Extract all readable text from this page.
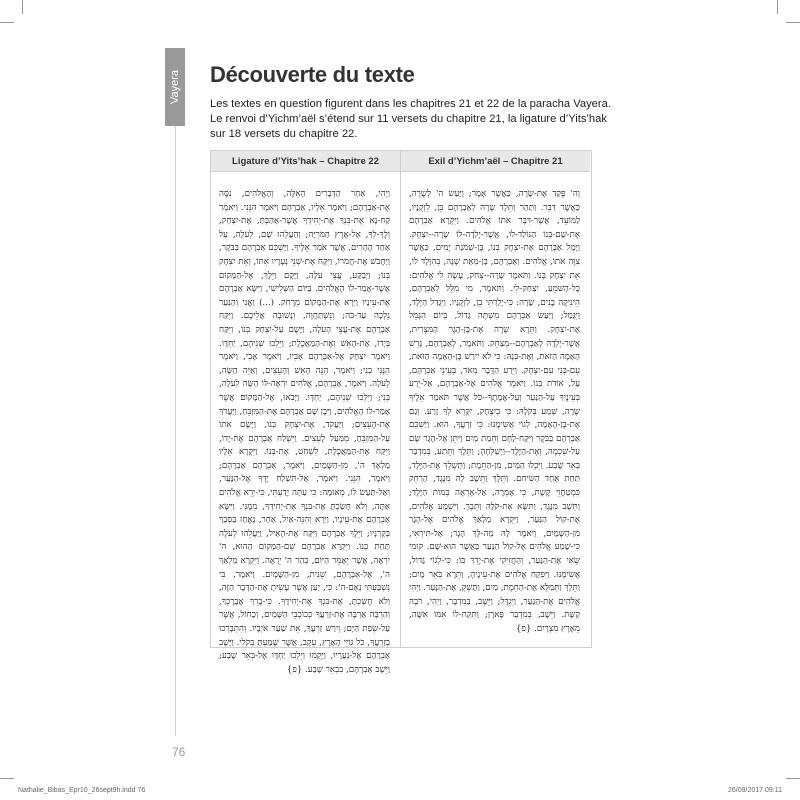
Vayera Découverte du texte
Les textes en question figurent dans les chapitres 21 et 22 de la paracha Vayera.
Le renvoi d’Yichm’aël s’étend sur 11 versets du chapitre 21, la ligature d’Yits’hak
sur 18 versets du chapitre 22.
Ligature d’Yits’hak – Chapitre 22
וַיְהִי, אַחַר הַדְּבָרִים הָאֵלֶּה, וְהָאֱלֹהִים, נִסָּה אֶת-אַבְרָהָם; וַיֹּאמֶר אֵלָיו, אַבְרָהָם וַיֹּאמֶר הִנֵּנִי. וַיֹּאמֶר קַח-נָא אֶת-בִּנְךָ אֶת-יְחִידְךָ אֲשֶׁר-אָהַבְתָּ, אֶת-יִצְחָק, וְלֶךְ-לְךָ, אֶל-אֶרֶץ הַמֹּרִיָּה; וְהַעֲלֵהוּ שָׁם, לְעֹלָה, עַל אַחַד הֶהָרִים, אֲשֶׁר אֹמַר אֵלֶיךָ. וַיַּשְׁכֵּם אַבְרָהָם בַּבֹּקֶר, וַיַּחֲבֹשׁ אֶת-חֲמֹרוֹ, וַיִּקַּח אֶת-שְׁנֵי נְעָרָיו אִתּוֹ, וְאֵת יִצְחָק בְּנוֹ; וַיְבַקַּע, עֲצֵי עֹלָה, וַיָּקָם וַיֵּלֶךְ, אֶל-הַמָּקוֹם אֲשֶׁר-אָמַר-לוֹ הָאֱלֹהִים. בַּיּוֹם הַשְּׁלִישִׁי, וַיִּשָּׂא אַבְרָהָם אֶת-עֵינָיו וַיַּרְא אֶת-הַמָּקוֹם מֵרָחֹק. (...) וַאֲנִי וְהַנַּעַר נֵלְכָה עַד-כֹּה; וְנִשְׁתַּחֲוֶה, וְנָשׁוּבָה אֲלֵיכֶם. וַיִּקַּח אַבְרָהָם אֶת-עֲצֵי הָעֹלָה, וַיָּשֶׂם עַל-יִצְחָק בְּנוֹ, וַיִּקַּח בְּיָדוֹ, אֶת-הָאֵשׁ וְאֶת-הַמַּאֲכֶלֶת; וַיֵּלְכוּ שְׁנֵיהֶם, יַחְדָּו. וַיֹּאמֶר יִצְחָק אֶל-אַבְרָהָם אָבִיו, וַיֹּאמֶר אָבִי, וַיֹּאמֶר הִנֶּנִּי בְנִי; וַיֹּאמֶר, הִנֵּה הָאֵשׁ וְהָעֵצִים, וְאַיֵּה הַשֶּׂה, לְעֹלָה. וַיֹּאמֶר, אַבְרָהָם, אֱלֹהִים יִרְאֶה-לּוֹ הַשֶּׂה לְעֹלָה, בְּנִי; וַיֵּלְכוּ שְׁנֵיהֶם, יַחְדָּו. וַיָּבֹאוּ, אֶל-הַמָּקוֹם אֲשֶׁר אָמַר-לוֹ הָאֱלֹהִים, וַיִּבֶן שָׁם אַבְרָהָם אֶת-הַמִּזְבֵּחַ, וַיַּעֲרֹךְ אֶת-הָעֵצִים; וַיַּעֲקֹד, אֶת-יִצְחָק בְּנוֹ, וַיָּשֶׂם אֹתוֹ עַל-הַמִּזְבֵּחַ, מִמַּעַל לָעֵצִים. וַיִּשְׁלַח אַבְרָהָם אֶת-יָדוֹ, וַיִּקַּח אֶת-הַמַּאֲכֶלֶת, לִשְׁחֹט, אֶת-בְּנוֹ. וַיִּקְרָא אֵלָיו מַלְאַךְ ה', מִן-הַשָּׁמַיִם, וַיֹּאמֶר, אַבְרָהָם אַבְרָהָם; וַיֹּאמֶר, הִנֵּנִי. וַיֹּאמֶר, אַל-תִּשְׁלַח יָדְךָ אֶל-הַנַּעַר, וְאַל-תַּעַשׂ לוֹ, מְאוּמָה: כִּי עַתָּה יָדַעְתִּי, כִּי-יְרֵא אֱלֹהִים אַתָּה, וְלֹא חָשַׂכְתָּ אֶת-בִּנְךָ אֶת-יְחִידְךָ, מִמֶּנִּי. וַיִּשָּׂא אַבְרָהָם אֶת-עֵינָיו, וַיַּרְא וְהִנֵּה-אַיִל, אַחַר, נֶאֱחַז בַּסְּבַךְ בְּקַרְנָיו; וַיֵּלֶךְ אַבְרָהָם וַיִּקַּח אֶת-הָאַיִל, וַיַּעֲלֵהוּ לְעֹלָה תַּחַת בְּנוֹ. וַיִּקְרָא אַבְרָהָם שֵׁם-הַמָּקוֹם הַהוּא, ה' יִרְאֶה, אֲשֶׁר יֵאָמֵר הַיּוֹם, בְּהַר ה' יֵרָאֶה. וַיִּקְרָא מַלְאַךְ ה', אֶל-אַבְרָהָם, שֵׁנִית, מִן-הַשָּׁמָיִם. וַיֹּאמֶר, בִּי נִשְׁבַּעְתִּי נְאֻם-ה': כִּי, יַעַן אֲשֶׁר עָשִׂיתָ אֶת-הַדָּבָר הַזֶּה, וְלֹא חָשַׂכְתָּ, אֶת-בִּנְךָ אֶת-יְחִידֶךָ. כִּי-בָרֵךְ אֲבָרֶכְךָ, וְהַרְבָּה אַרְבֶּה אֶת-זַרְעֲךָ כְּכוֹכְבֵי הַשָּׁמַיִם, וְכַחוֹל, אֲשֶׁר עַל-שְׂפַת הַיָּם; וְיִרַשׁ זַרְעֲךָ, אֵת שַׁעַר אֹיְבָיו. וְהִתְבָּרְכוּ בְזַרְעֲךָ, כֹּל גּוֹיֵי הָאָרֶץ, עֵקֶב, אֲשֶׁר שָׁמַעְתָּ בְּקֹלִי. וַיָּשָׁב אַבְרָהָם אֶל-נְעָרָיו, וַיָּקֻמוּ וַיֵּלְכוּ יַחְדָּו אֶל-בְּאֵר שָׁבַע; וַיֵּשֶׁב אַבְרָהָם, בִּבְאֵר שָׁבַע. {פ}
Exil d’Yichm’aël – Chapitre 21
וַה' פָּקַד אֶת-שָׂרָה, כַּאֲשֶׁר אָמָר; וַיַּעַשׂ ה' לְשָׂרָה, כַּאֲשֶׁר דִּבֵּר. וַתַּהַר וַתֵּלֶד שָׂרָה לְאַבְרָהָם בֵּן, לִזְקֻנָיו, לַמּוֹעֵד, אֲשֶׁר-דִּבֶּר אֹתוֹ אֱלֹהִים. וַיִּקְרָא אַבְרָהָם אֶת-שֶׁם-בְּנוֹ הַנּוֹלַד-לוֹ, אֲשֶׁר-יָלְדָה-לּוֹ שָׂרָה--יִצְחָק. וַיָּמָל אַבְרָהָם אֶת-יִצְחָק בְּנוֹ, בֶּן-שְׁמֹנַת יָמִים, כַּאֲשֶׁר צִוָּה אֹתוֹ, אֱלֹהִים. וְאַבְרָהָם, בֶּן-מְאַת שָׁנָה, בְּהִוָּלֶד לוֹ, אֵת יִצְחָק בְּנוֹ. וַתֹּאמֶר שָׂרָה--צְחֹק, עָשָׂה לִי אֱלֹהִים: כָּל-הַשֹּׁמֵעַ, יִצְחַק-לִי. וַתֹּאמֶר, מִי מִלֵּל לְאַבְרָהָם, הֵינִיקָה בָנִים, שָׂרָה: כִּי-יָלַדְתִּי בֵן, לִזְקֻנָיו. וַיִּגְדַּל הַיֶּלֶד, וַיִּגָּמַל; וַיַּעַשׂ אַבְרָהָם מִשְׁתֶּה גָדוֹל, בְּיוֹם הִגָּמֵל אֶת-יִצְחָק. וַתֵּרֶא שָׂרָה אֶת-בֶּן-הָגָר הַמִּצְרִית, אֲשֶׁר-יָלְדָה לְאַבְרָהָם--מְצַחֵק. וַתֹּאמֶר, לְאַבְרָהָם, גָּרֵשׁ הָאָמָה הַזֹּאת, וְאֶת-בְּנָהּ: כִּי לֹא יִירַשׁ בֶּן-הָאָמָה הַזֹּאת, עִם-בְּנִי עִם-יִצְחָק. וַיֵּרַע הַדָּבָר מְאֹד, בְּעֵינֵי אַבְרָהָם, עַל, אוֹדֹת בְּנוֹ. וַיֹּאמֶר אֱלֹהִים אֶל-אַבְרָהָם, אַל-יֵרַע בְּעֵינֶיךָ עַל-הַנַּעַר וְעַל-אֲמָתֶךָ--כֹּל אֲשֶׁר תֹּאמַר אֵלֶיךָ שָׂרָה, שְׁמַע בְּקֹלָהּ: כִּי בְיִצְחָק, יִקָּרֵא לְךָ זָרַע. וְגַם אֶת-בֶּן-הָאָמָה, לְגוֹי אֲשִׂימֶנּוּ: כִּי זַרְעֲךָ, הוּא. וַיַּשְׁכֵּם אַבְרָהָם בַּבֹּקֶר וַיִּקַּח-לֶחֶם וְחֵמַת מַיִם וַיִּתֵּן אֶל-הָגָר שָׂם עַל-שִׁכְמָהּ, וְאֶת-הַיֶּלֶד--וַיְשַׁלְּחֶהָ; וַתֵּלֶךְ וַתֵּתַע, בְּמִדְבַּר בְּאֵר שָׁבַע. וַיִּכְלוּ הַמַּיִם, מִן-הַחֵמֶת; וַתַּשְׁלֵךְ אֶת-הַיֶּלֶד, תַּחַת אַחַד הַשִּׂיחִם. וַתֵּלֶךְ וַתֵּשֶׁב לָהּ מִנֶּגֶד, הַרְחֵק כִּמְטַחֲוֵי קֶשֶׁת, כִּי אָמְרָה, אַל-אֶרְאֶה בְּמוֹת הַיָּלֶד; וַתֵּשֶׁב מִנֶּגֶד, וַתִּשָּׂא אֶת-קֹלָהּ וַתֵּבְךְּ. וַיִּשְׁמַע אֱלֹהִים, אֶת-קוֹל הַנַּעַר, וַיִּקְרָא מַלְאַךְ אֱלֹהִים אֶל-הָגָר מִן-הַשָּׁמַיִם, וַיֹּאמֶר לָהּ מַה-לָּךְ הָגָר; אַל-תִּירְאִי, כִּי-שָׁמַע אֱלֹהִים אֶל-קוֹל הַנַּעַר בַּאֲשֶׁר הוּא-שָׁם. קוּמִי שְׂאִי אֶת-הַנַּעַר, וְהַחֲזִיקִי אֶת-יָדֵךְ בּוֹ: כִּי-לְגוֹי גָּדוֹל, אֲשִׂימֶנּוּ. וַיִּפְקַח אֱלֹהִים אֶת-עֵינֶיהָ, וַתֵּרֶא בְּאֵר מָיִם; וַתֵּלֶךְ וַתְּמַלֵּא אֶת-הַחֵמֶת, מַיִם, וַתַּשְׁקְ, אֶת-הַנָּעַר. וַיְהִי אֱלֹהִים אֶת-הַנַּעַר, וַיִּגְדָּל; וַיֵּשֶׁב, בַּמִּדְבָּר, וַיְהִי, רֹבֶה קַשָּׁת. וַיֵּשֶׁב, בְּמִדְבַּר פָּארָן; וַתִּקַּח-לוֹ אִמּוֹ אִשָּׁה, מֵאֶרֶץ מִצְרָיִם. {פ}
76
Nathalie_Bibas_Epr10_26sept9h.indd 76	26/09/2017 09:11
